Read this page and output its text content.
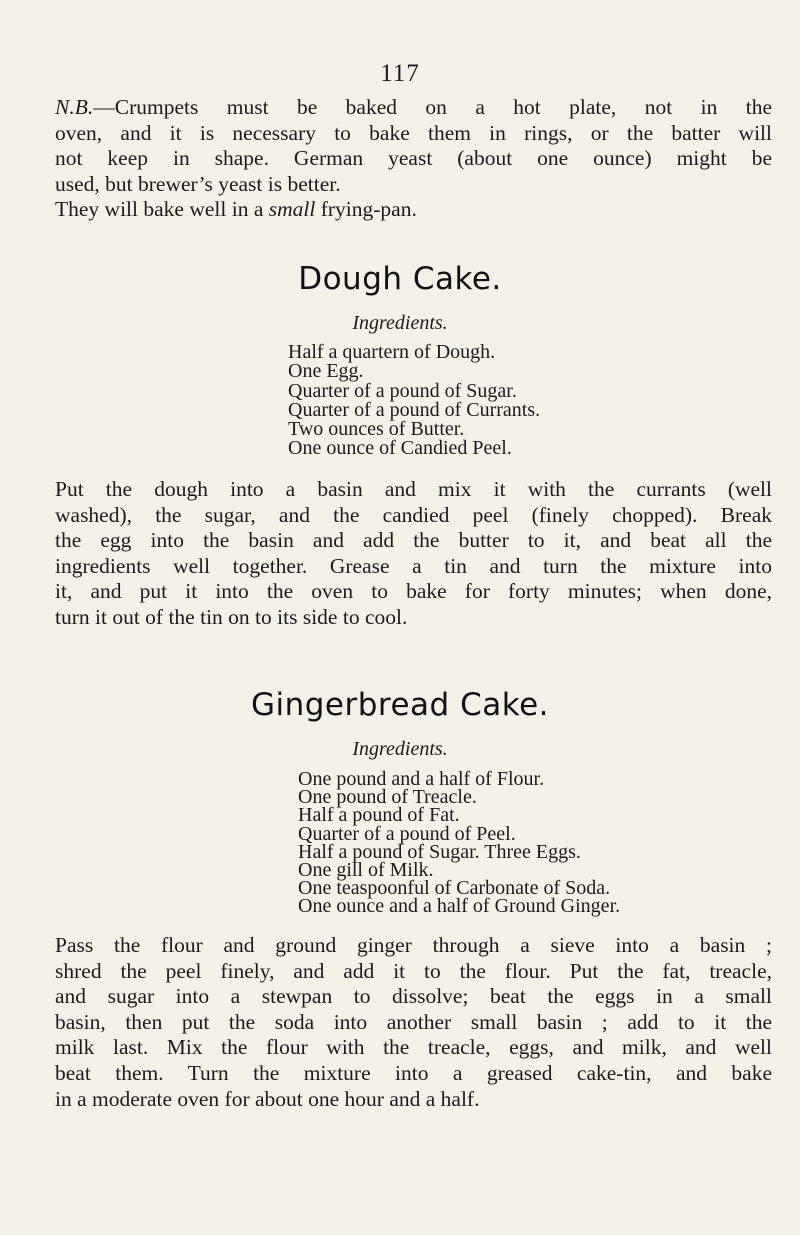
117
N.B.—Crumpets must be baked on a hot plate, not in the
oven, and it is necessary to bake them in rings, or the batter will
not keep in shape. German yeast (about one ounce) might be
used, but brewer’s yeast is better.
They will bake well in a small frying-pan.
Dough Cake.
Ingredients.
Half a quartern of Dough.
One Egg.
Quarter of a pound of Sugar.
Quarter of a pound of Currants.
Two ounces of Butter.
One ounce of Candied Peel.
Put the dough into a basin and mix it with the currants (well
washed), the sugar, and the candied peel (finely chopped). Break
the egg into the basin and add the butter to it, and beat all the
ingredients well together. Grease a tin and turn the mixture into
it, and put it into the oven to bake for forty minutes; when done,
turn it out of the tin on to its side to cool.
Gingerbread Cake.
Ingredients.
One pound and a half of Flour.
One pound of Treacle.
Half a pound of Fat.
Quarter of a pound of Peel.
Half a pound of Sugar. Three Eggs.
One gill of Milk.
One teaspoonful of Carbonate of Soda.
One ounce and a half of Ground Ginger.
Pass the flour and ground ginger through a sieve into a basin ;
shred the peel finely, and add it to the flour. Put the fat, treacle,
and sugar into a stewpan to dissolve; beat the eggs in a small
basin, then put the soda into another small basin ; add to it the
milk last. Mix the flour with the treacle, eggs, and milk, and well
beat them. Turn the mixture into a greased cake-tin, and bake
in a moderate oven for about one hour and a half.
